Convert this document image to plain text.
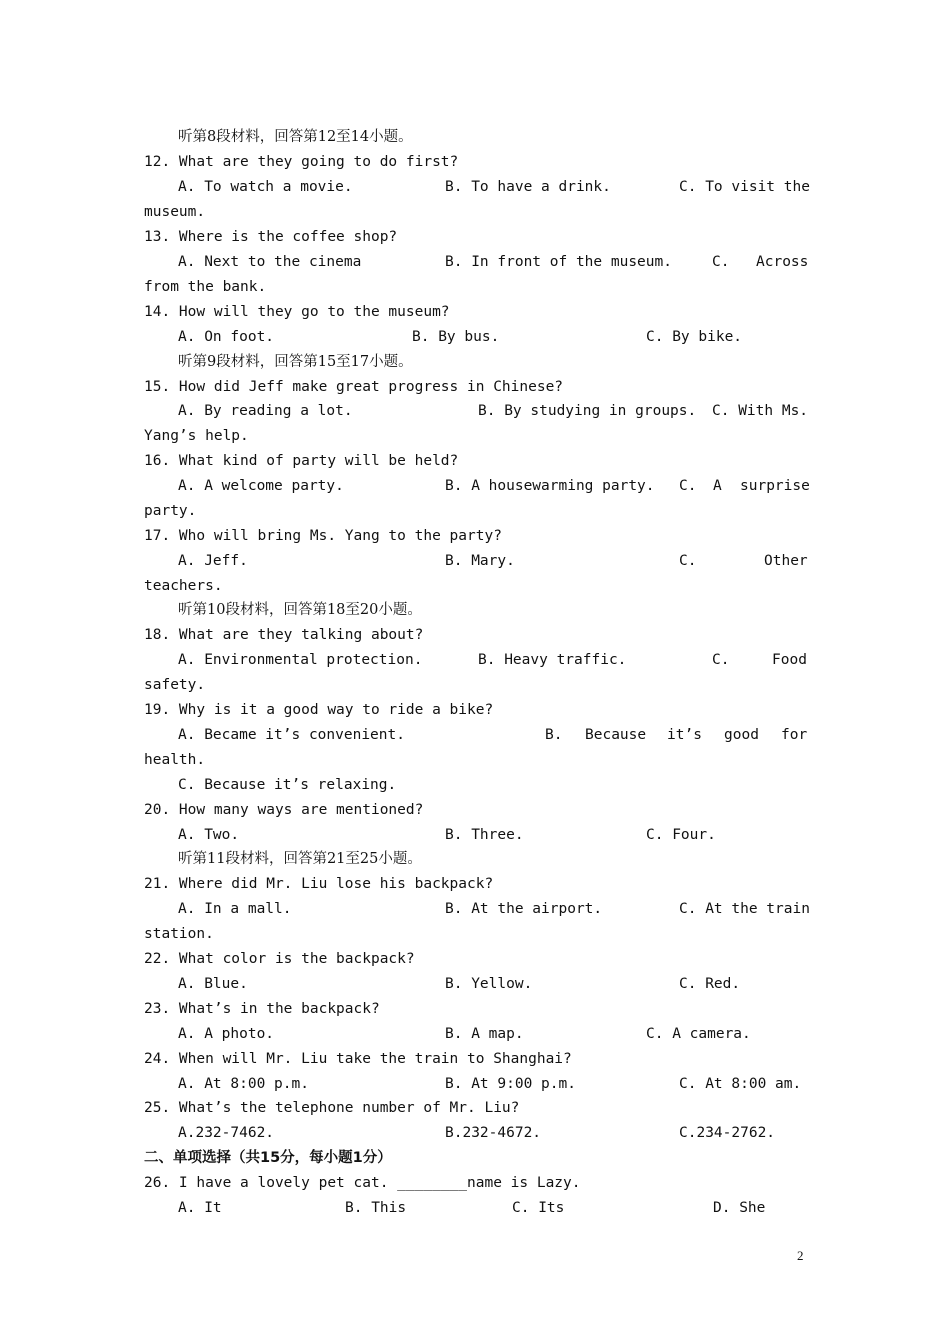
听第8段材料，回答第12至14小题。
12. What are they going to do first?
A. To watch a movie.	B. To have a drink.	C. To visit the
museum.
13. Where is the coffee shop?
A. Next to the cinema	B. In front of the museum.	C. Across
from the bank.
14. How will they go to the museum?
A. On foot.	B. By bus.	C. By bike.
听第9段材料，回答第15至17小题。
15. How did Jeff make great progress in Chinese?
A. By reading a lot.	B. By studying in groups. C. With Ms.
Yang’s help.
16. What kind of party will be held?
A. A welcome party.	B. A housewarming party. C. A surprise
party.
17. Who will bring Ms. Yang to the party?
A. Jeff.	B. Mary.	C.	Other
teachers.
听第10段材料，回答第18至20小题。
18. What are they talking about?
A. Environmental protection.	B. Heavy traffic.	C.	Food
safety.
19. Why is it a good way to ride a bike?
A. Became it’s convenient.	B. Because it’s good for
health.
C. Because it’s relaxing.
20. How many ways are mentioned?
A. Two.	B. Three.	C. Four.
听第11段材料，回答第21至25小题。
21. Where did Mr. Liu lose his backpack?
A. In a mall.	B. At the airport.	C. At the train
station.
22. What color is the backpack?
A. Blue.	B. Yellow.	C. Red.
23. What’s in the backpack?
A. A photo.	B. A map.	C. A camera.
24. When will Mr. Liu take the train to Shanghai?
A. At 8:00 p.m.	B. At 9:00 p.m.	C. At 8:00 am.
25. What’s the telephone number of Mr. Liu?
A.232-7462.	B.232-4672.	C.234-2762.
二、单项选择（共15分，每小题1分）
26. I have a lovely pet cat. ________name is Lazy.
A. It	B. This	C. Its	D. She
2
